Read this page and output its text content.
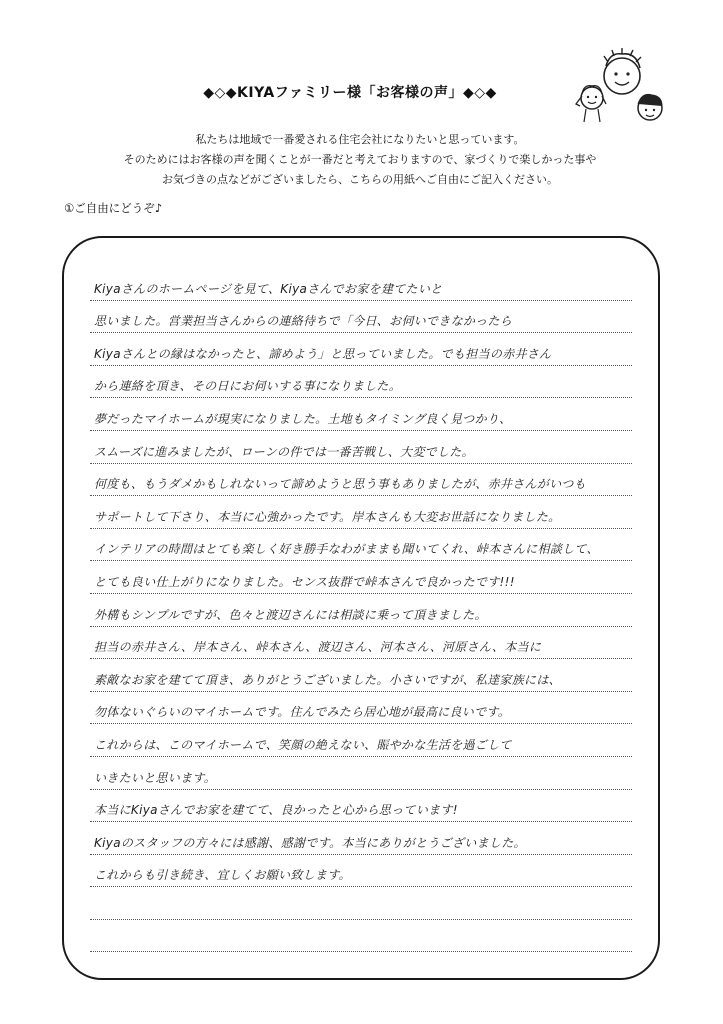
◆◇◆KIYAファミリー様「お客様の声」◆◇◆
私たちは地域で一番愛される住宅会社になりたいと思っています。
そのためにはお客様の声を聞くことが一番だと考えておりますので、家づくりで楽しかった事や
お気づきの点などがございましたら、こちらの用紙へご自由にご記入ください。
①ご自由にどうぞ♪
Kiyaさんのホームページを見て、Kiyaさんでお家を建てたいと
思いました。営業担当さんからの連絡待ちで「今日、お伺いできなかったら
Kiyaさんとの縁はなかったと、諦めよう」と思っていました。でも担当の赤井さん
から連絡を頂き、その日にお伺いする事になりました。
夢だったマイホームが現実になりました。土地もタイミング良く見つかり、
スムーズに進みましたが、ローンの件では一番苦戦し、大変でした。
何度も、もうダメかもしれないって諦めようと思う事もありましたが、赤井さんがいつも
サポートして下さり、本当に心強かったです。岸本さんも大変お世話になりました。
インテリアの時間はとても楽しく好き勝手なわがままも聞いてくれ、峠本さんに相談して、
とても良い仕上がりになりました。センス抜群で峠本さんで良かったです!!!
外構もシンプルですが、色々と渡辺さんには相談に乗って頂きました。
担当の赤井さん、岸本さん、峠本さん、渡辺さん、河本さん、河原さん、本当に
素敵なお家を建てて頂き、ありがとうございました。小さいですが、私達家族には、
勿体ないぐらいのマイホームです。住んでみたら居心地が最高に良いです。
これからは、このマイホームで、笑顔の絶えない、賑やかな生活を過ごして
いきたいと思います。
本当にKiyaさんでお家を建てて、良かったと心から思っています!
Kiyaのスタッフの方々には感謝、感謝です。本当にありがとうございました。
これからも引き続き、宜しくお願い致します。
